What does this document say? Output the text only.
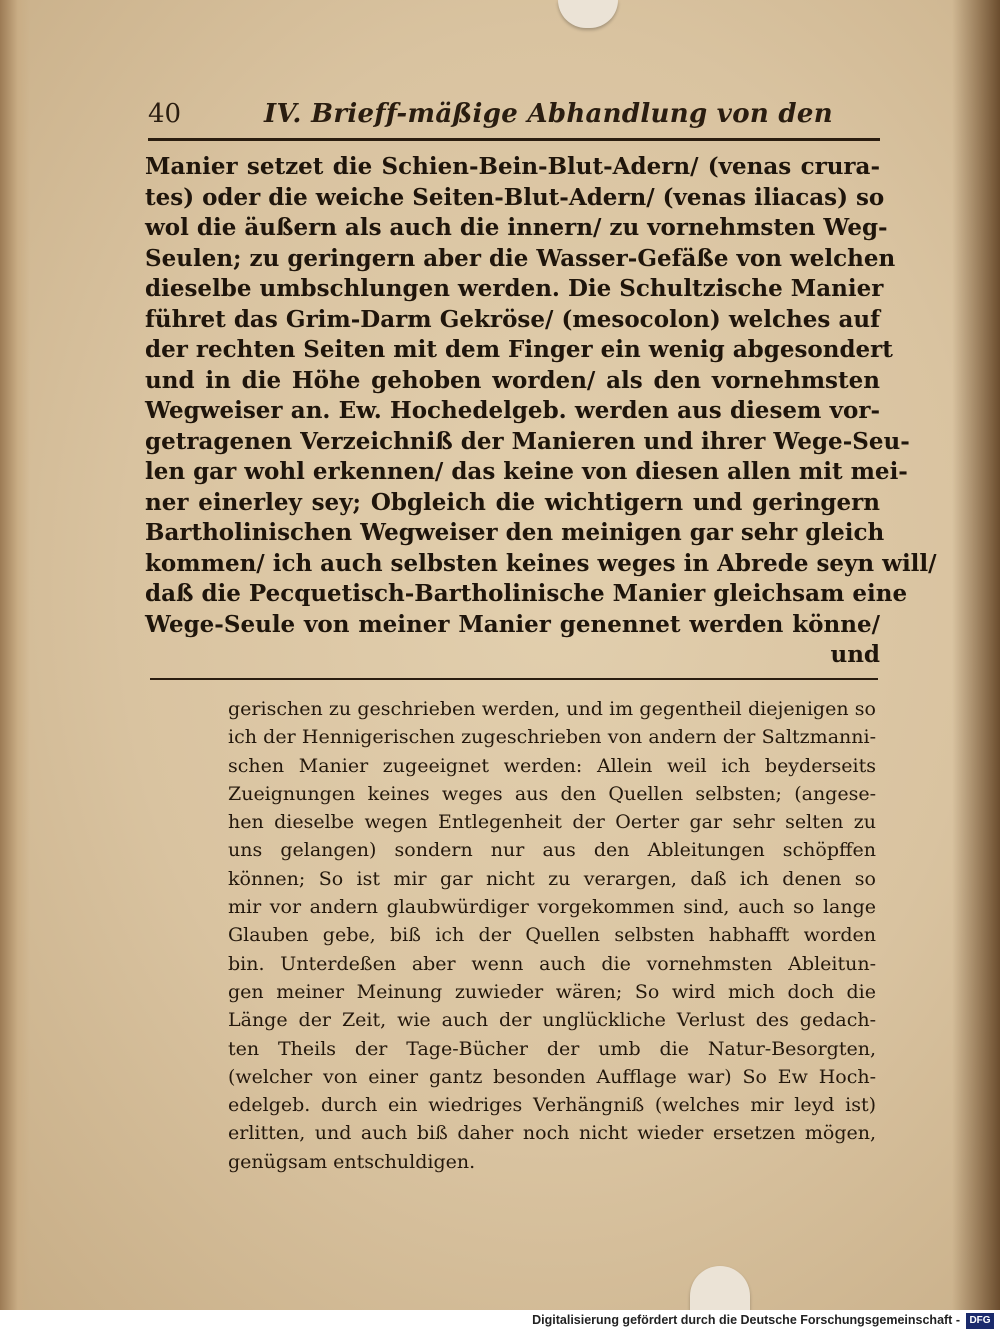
40	IV. Brieff-mäßige Abhandlung von den
Manier setzet die Schien-Bein-Blut-Adern/ (venas crura-
tes) oder die weiche Seiten-Blut-Adern/ (venas iliacas) so
wol die äußern als auch die innern/ zu vornehmsten Weg-
Seulen; zu geringern aber die Wasser-Gefäße von welchen
dieselbe umbschlungen werden. Die Schultzische Manier
führet das Grim-Darm Gekröse/ (mesocolon) welches auf
der rechten Seiten mit dem Finger ein wenig abgesondert
und in die Höhe gehoben worden/ als den vornehmsten
Wegweiser an. Ew. Hochedelgeb. werden aus diesem vor-
getragenen Verzeichniß der Manieren und ihrer Wege-Seu-
len gar wohl erkennen/ das keine von diesen allen mit mei-
ner einerley sey; Obgleich die wichtigern und geringern
Bartholinischen Wegweiser den meinigen gar sehr gleich
kommen/ ich auch selbsten keines weges in Abrede seyn will/
daß die Pecquetisch-Bartholinische Manier gleichsam eine
Wege-Seule von meiner Manier genennet werden könne/
und
gerischen zu geschrieben werden, und im gegentheil diejenigen so
ich der Hennigerischen zugeschrieben von andern der Saltzmanni-
schen Manier zugeeignet werden: Allein weil ich beyderseits
Zueignungen keines weges aus den Quellen selbsten; (angese-
hen dieselbe wegen Entlegenheit der Oerter gar sehr selten zu
uns gelangen) sondern nur aus den Ableitungen schöpffen
können; So ist mir gar nicht zu verargen, daß ich denen so
mir vor andern glaubwürdiger vorgekommen sind, auch so lange
Glauben gebe, biß ich der Quellen selbsten habhafft worden
bin. Unterdeßen aber wenn auch die vornehmsten Ableitun-
gen meiner Meinung zuwieder wären; So wird mich doch die
Länge der Zeit, wie auch der unglückliche Verlust des gedach-
ten Theils der Tage-Bücher der umb die Natur-Besorgten,
(welcher von einer gantz besonden Aufflage war) So Ew Hoch-
edelgeb. durch ein wiedriges Verhängniß (welches mir leyd ist)
erlitten, und auch biß daher noch nicht wieder ersetzen mögen,
genügsam entschuldigen.
Digitalisierung gefördert durch die Deutsche Forschungsgemeinschaft - DFG
